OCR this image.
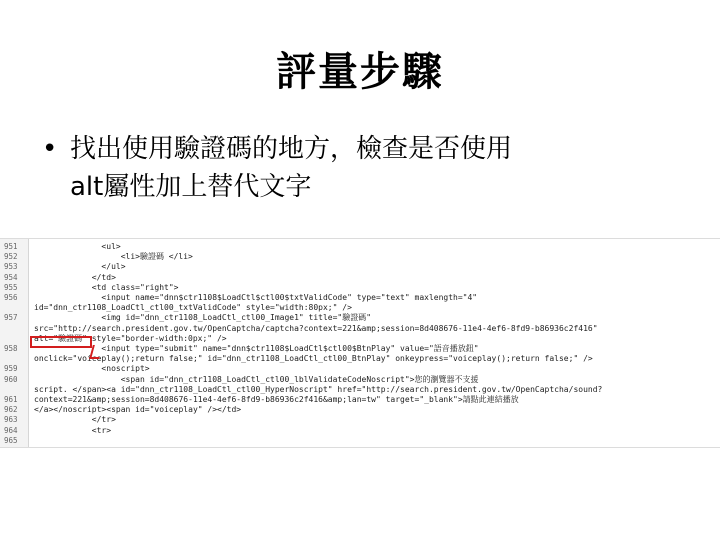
評量步驟
• 找出使用驗證碼的地方，檢查是否使用
alt屬性加上替代文字
951 <ul>
952 <li>驗證碼 </li>
953 </ul>
954 </td>
955 <td class="right">
956 <input name="dnn$ctr1108$LoadCtl$ctl00$txtValidCode" type="text" maxlength="4"
id="dnn_ctr1108_LoadCtl_ctl00_txtValidCode" style="width:80px;" />
957 <img id="dnn_ctr1108_LoadCtl_ctl00_Image1" title="驗證碼"
src="http://search.president.gov.tw/OpenCaptcha/captcha?context=221&amp;session=8d408676-11e4-4ef6-8fd9-b86936c2f416"
alt="驗證碼" style="border-width:0px;" />
958 <input type="submit" name="dnn$ctr1108$LoadCtl$ctl00$BtnPlay" value="語音播放鈕"
onclick="voiceplay();return false;" id="dnn_ctr1108_LoadCtl_ctl00_BtnPlay" onkeypress="voiceplay();return false;" />
959 <noscript>
960 <span id="dnn_ctr1108_LoadCtl_ctl00_lblValidateCodeNoscript">您的瀏覽器不支援
script. </span><a id="dnn_ctr1108_LoadCtl_ctl00_HyperNoscript" href="http://search.president.gov.tw/OpenCaptcha/sound?
961 context=221&amp;session=8d408676-11e4-4ef6-8fd9-b86936c2f416&amp;lan=tw" target="_blank">請點此連結播放
962 </a></noscript><span id="voiceplay" /></td>
963 </tr>
964 <tr>
965
